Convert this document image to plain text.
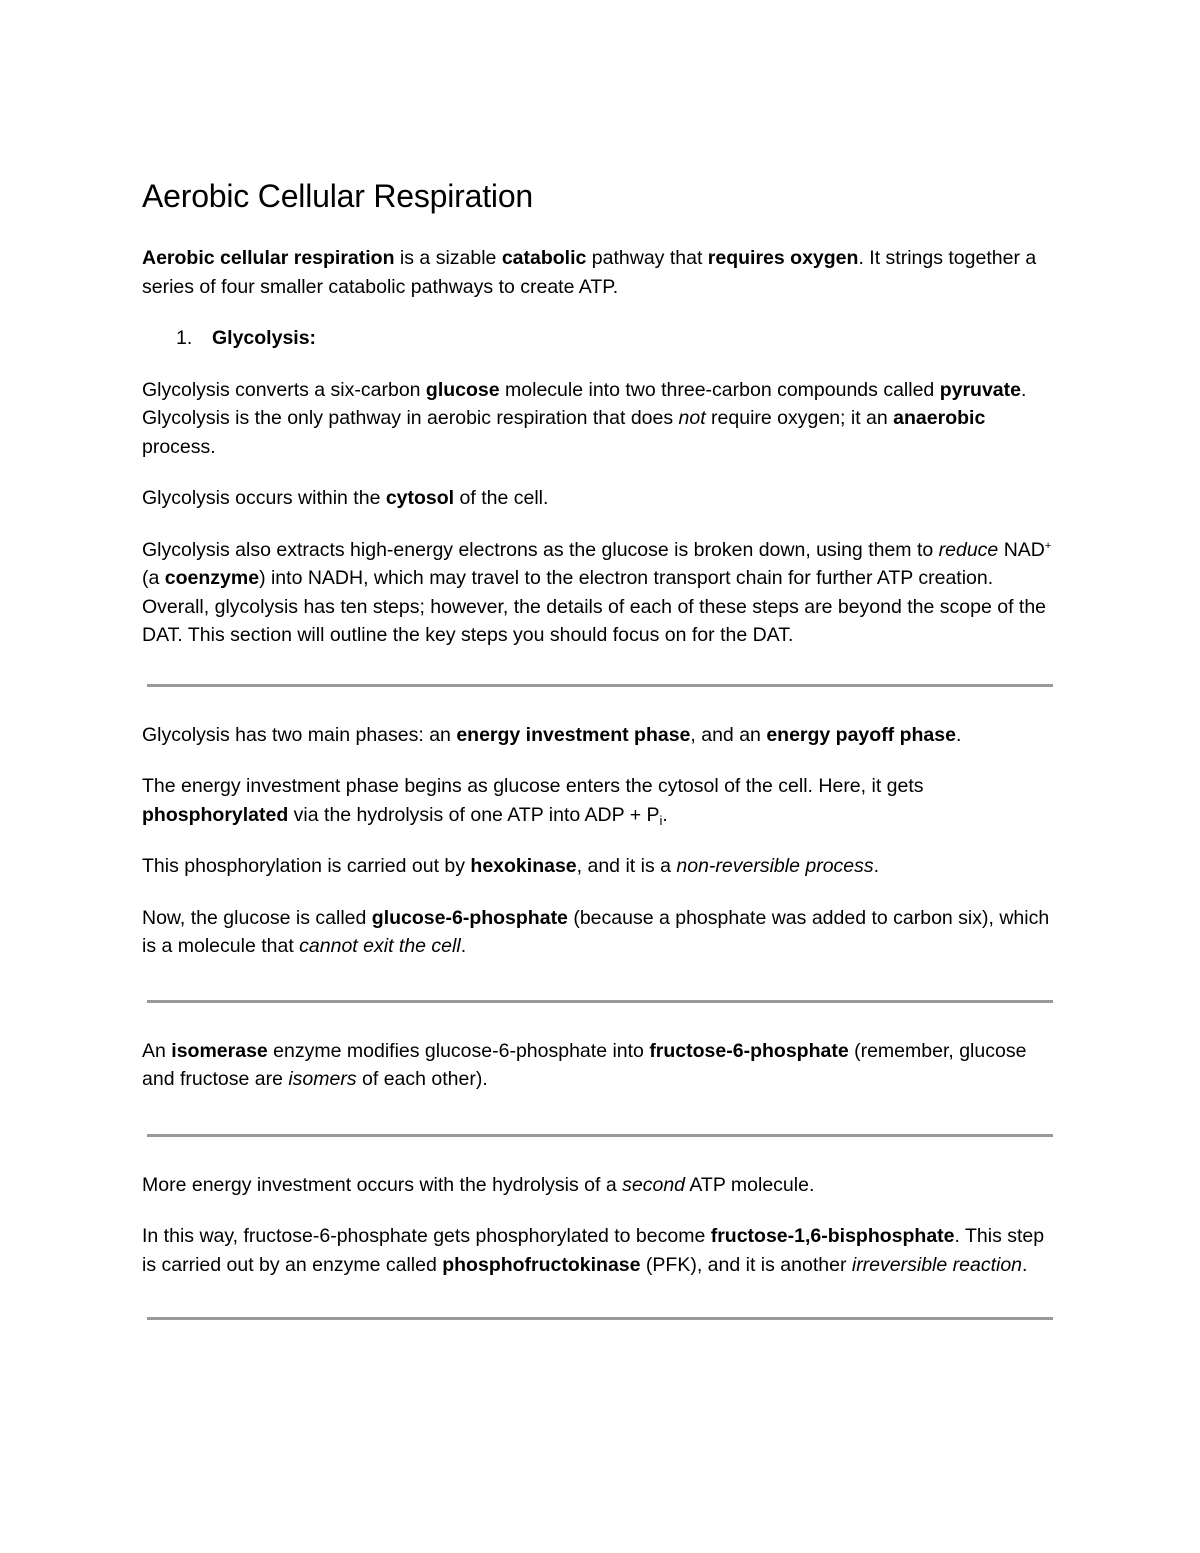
Aerobic Cellular Respiration

Aerobic cellular respiration is a sizable catabolic pathway that requires oxygen. It strings together a series of four smaller catabolic pathways to create ATP.

1.	Glycolysis:

Glycolysis converts a six-carbon glucose molecule into two three-carbon compounds called pyruvate. Glycolysis is the only pathway in aerobic respiration that does not require oxygen; it an anaerobic process.

Glycolysis occurs within the cytosol of the cell.

Glycolysis also extracts high-energy electrons as the glucose is broken down, using them to reduce NAD+ (a coenzyme) into NADH, which may travel to the electron transport chain for further ATP creation. Overall, glycolysis has ten steps; however, the details of each of these steps are beyond the scope of the DAT. This section will outline the key steps you should focus on for the DAT.

Glycolysis has two main phases: an energy investment phase, and an energy payoff phase.

The energy investment phase begins as glucose enters the cytosol of the cell. Here, it gets phosphorylated via the hydrolysis of one ATP into ADP + $P_i$.

This phosphorylation is carried out by hexokinase, and it is a non-reversible process.

Now, the glucose is called glucose-6-phosphate (because a phosphate was added to carbon six), which is a molecule that cannot exit the cell.

An isomerase enzyme modifies glucose-6-phosphate into fructose-6-phosphate (remember, glucose and fructose are isomers of each other).

More energy investment occurs with the hydrolysis of a second ATP molecule.

In this way, fructose-6-phosphate gets phosphorylated to become fructose-1,6-bisphosphate. This step is carried out by an enzyme called phosphofructokinase (PFK), and it is another irreversible reaction.
